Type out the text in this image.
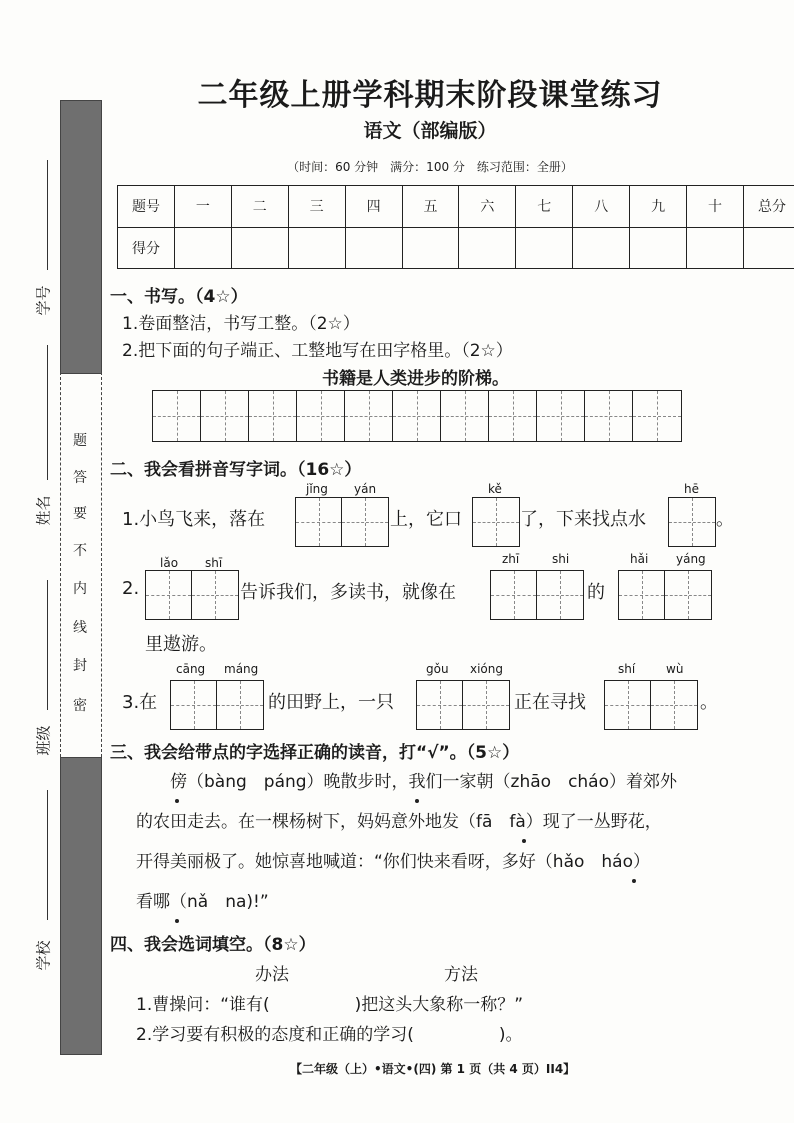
学号
姓名
班级
学校
密
封
线
内
不
要
答
题
二年级上册学科期末阶段课堂练习
语文（部编版）
（时间：60 分钟　满分：100 分　练习范围：全册）
题号	一	二	三	四	五	六	七	八	九	十	总分
得分											
一、书写。（4☆）
1.卷面整洁，书写工整。（2☆）
2.把下面的句子端正、工整地写在田字格里。（2☆）
书籍是人类进步的阶梯。
二、我会看拼音写字词。（16☆）
jǐng yán	kě	hē
1.小鸟飞来，落在	上，它口	了，下来找点水	。
lǎo shī	zhī	shi	hǎi yáng
2.	告诉我们，多读书，就像在	的
里遨游。
cāng máng	gǒu xióng	shí	wù
3.在	的田野上，一只	正在寻找	。
三、我会给带点的字选择正确的读音，打“√”。（5☆）
傍（bàng　páng）晚散步时，我们一家朝（zhāo　cháo）着郊外
的农田走去。在一棵杨树下，妈妈意外地发（fā　fà）现了一丛野花，
开得美丽极了。她惊喜地喊道：“你们快来看呀，多好（hǎo　háo）
看哪（nǎ　na)!”
四、我会选词填空。（8☆）
办法	方法
1.曹操问：“谁有(　　　　　)把这头大象称一称？”
2.学习要有积极的态度和正确的学习(　　　　　)。
【二年级（上）•语文•(四) 第 1 页（共 4 页）II4】
